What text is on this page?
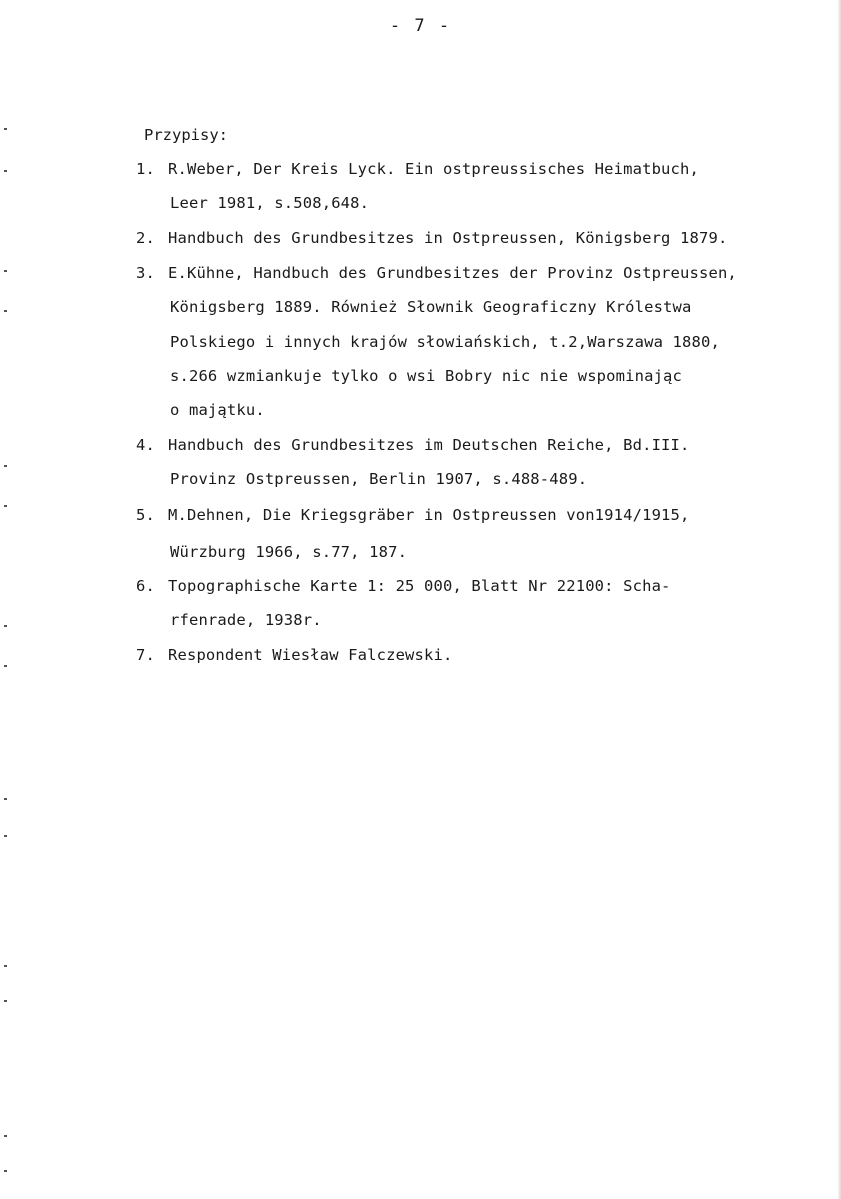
- 7 -
Przypisy:
1. R.Weber, Der Kreis Lyck. Ein ostpreussisches Heimatbuch,
Leer 1981, s.508,648.
2. Handbuch des Grundbesitzes in Ostpreussen, Königsberg 1879.
3. E.Kühne, Handbuch des Grundbesitzes der Provinz Ostpreussen,
Königsberg 1889. Również Słownik Geograficzny Królestwa
Polskiego i innych krajów słowiańskich, t.2,Warszawa 1880,
s.266 wzmiankuje tylko o wsi Bobry nic nie wspominając
o majątku.
4. Handbuch des Grundbesitzes im Deutschen Reiche, Bd.III.
Provinz Ostpreussen, Berlin 1907, s.488-489.
5. M.Dehnen, Die Kriegsgräber in Ostpreussen von1914/1915,
Würzburg 1966, s.77, 187.
6. Topographische Karte 1: 25 000, Blatt Nr 22100: Scha-
rfenrade, 1938r.
7. Respondent Wiesław Falczewski.
